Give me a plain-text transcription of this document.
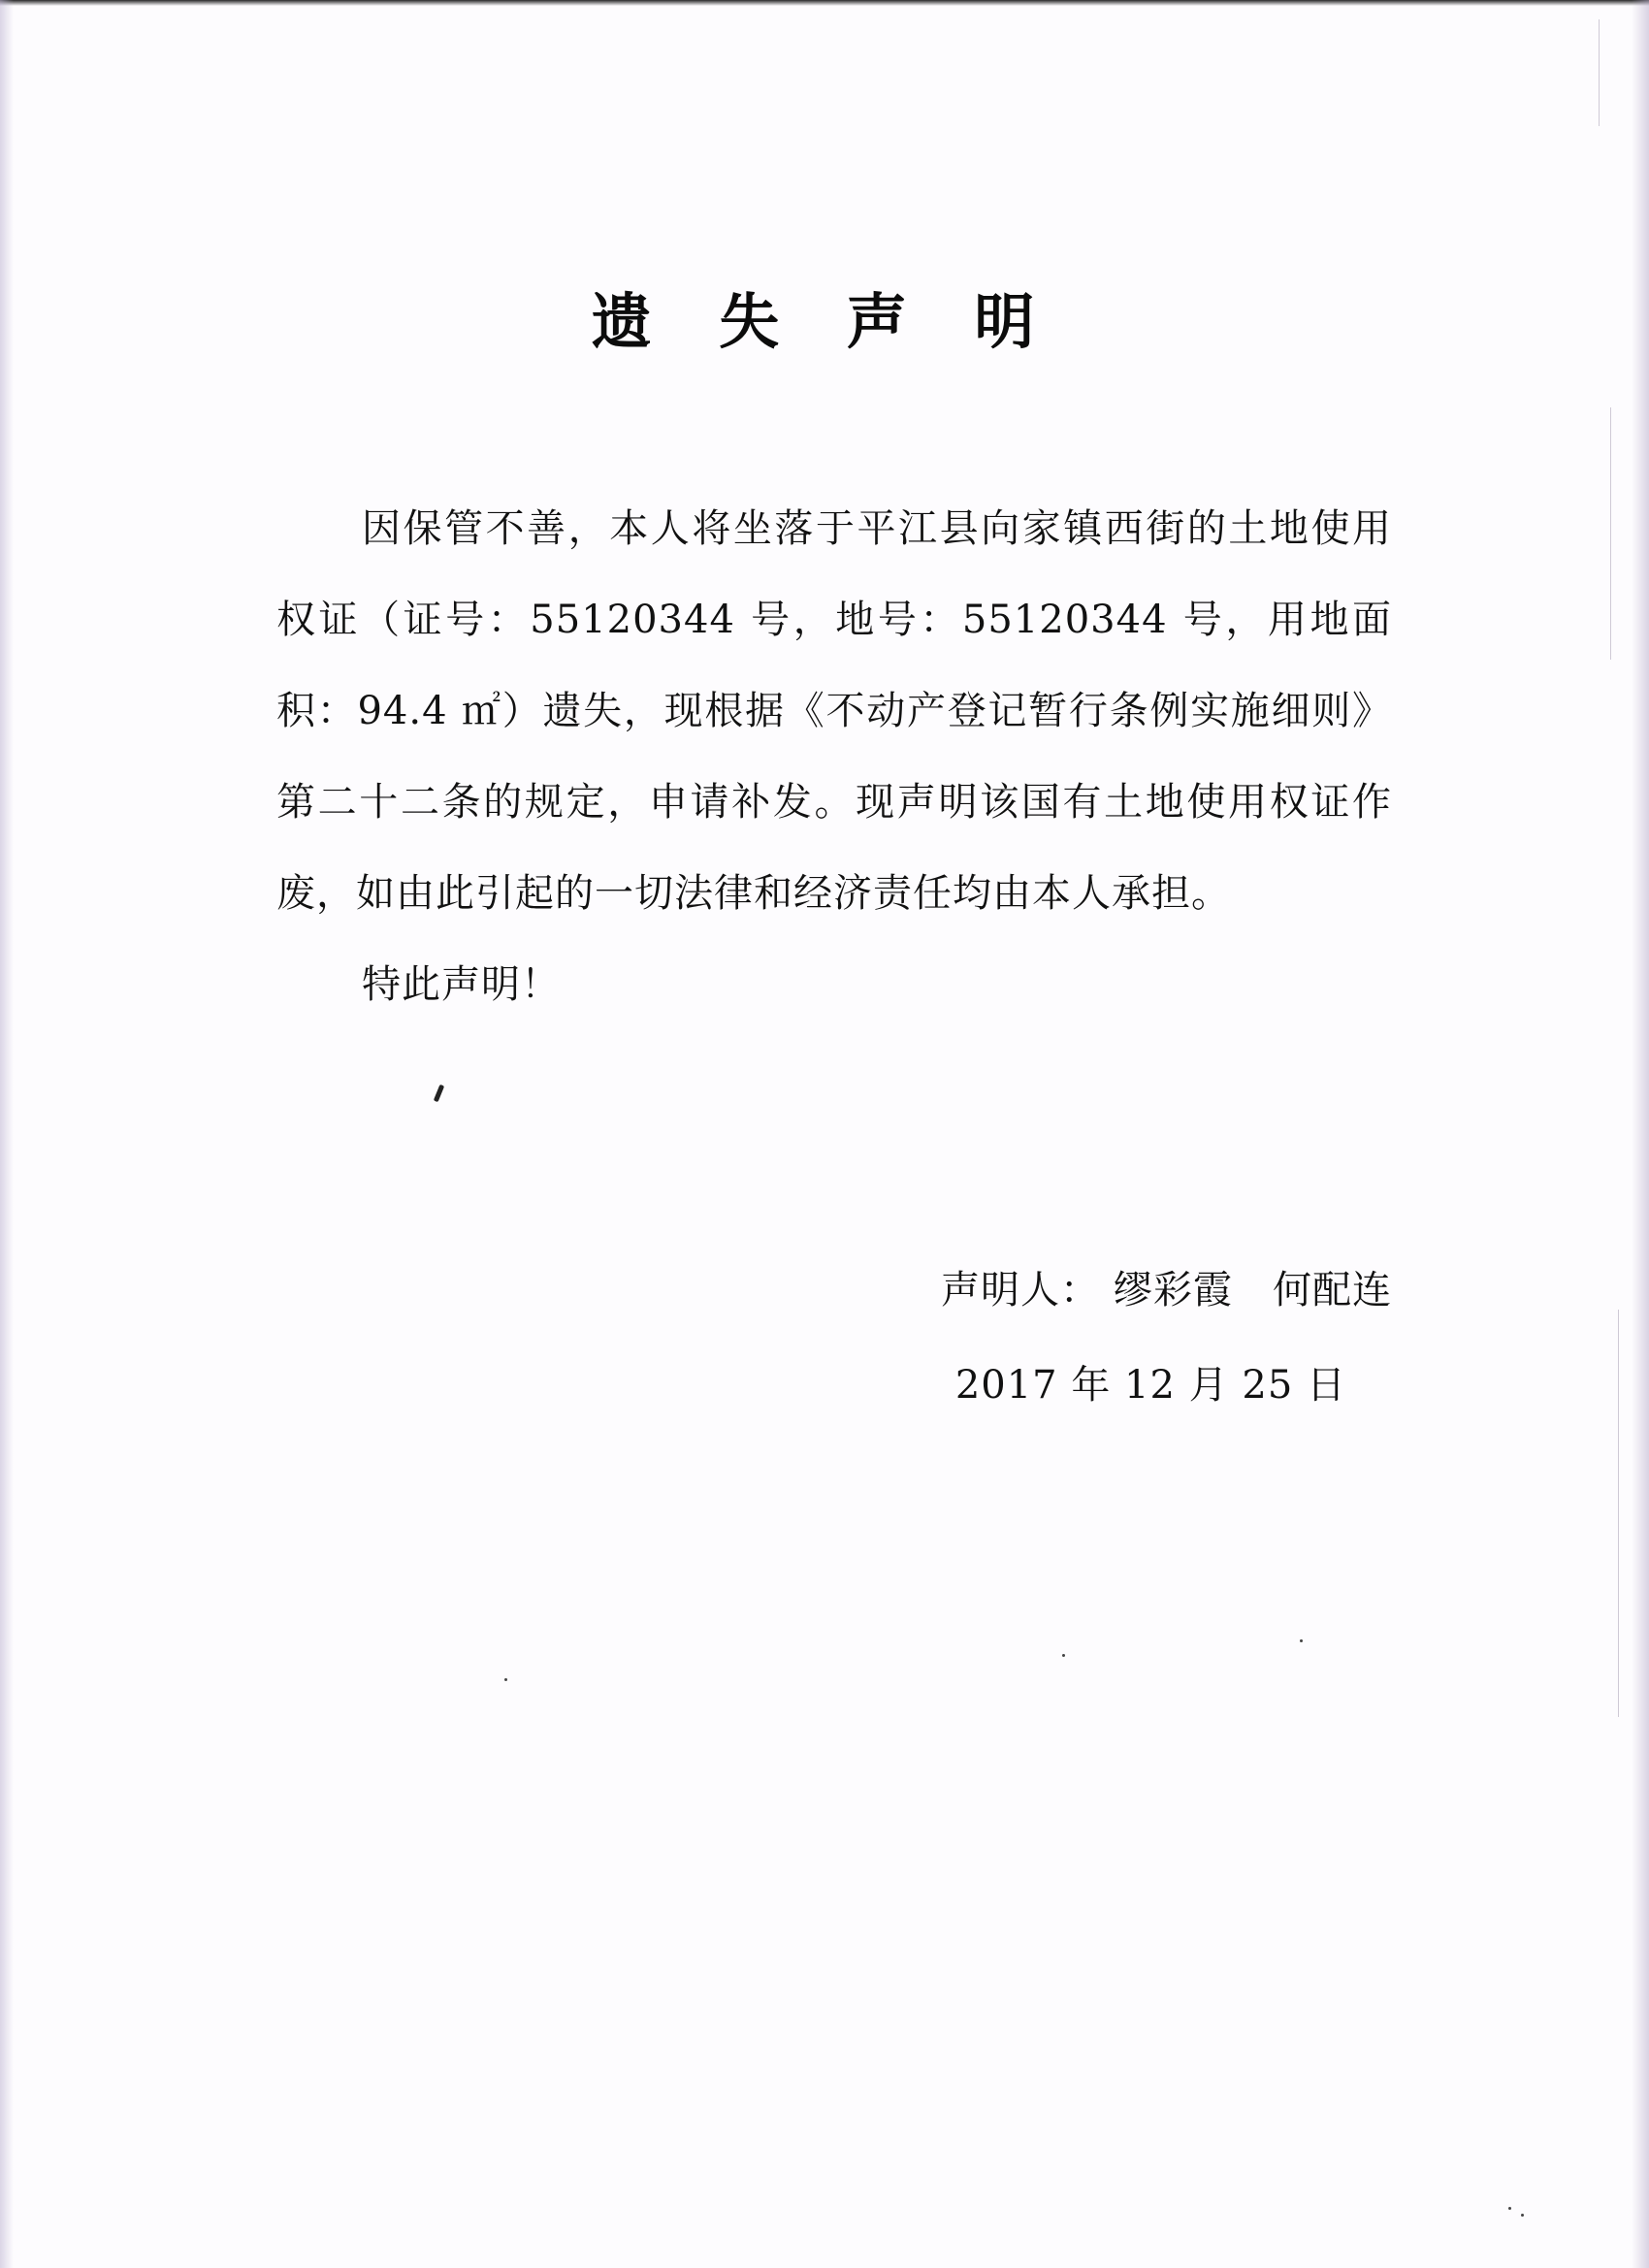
遗 失 声 明

因保管不善，本人将坐落于平江县向家镇西街的土地使用权证（证号：55120344 号，地号：55120344 号，用地面积：94.4 ㎡）遗失，现根据《不动产登记暂行条例实施细则》第二十二条的规定，申请补发。现声明该国有土地使用权证作废，如由此引起的一切法律和经济责任均由本人承担。

特此声明！

声明人： 缪彩霞　何配连
2017 年 12 月 25 日
